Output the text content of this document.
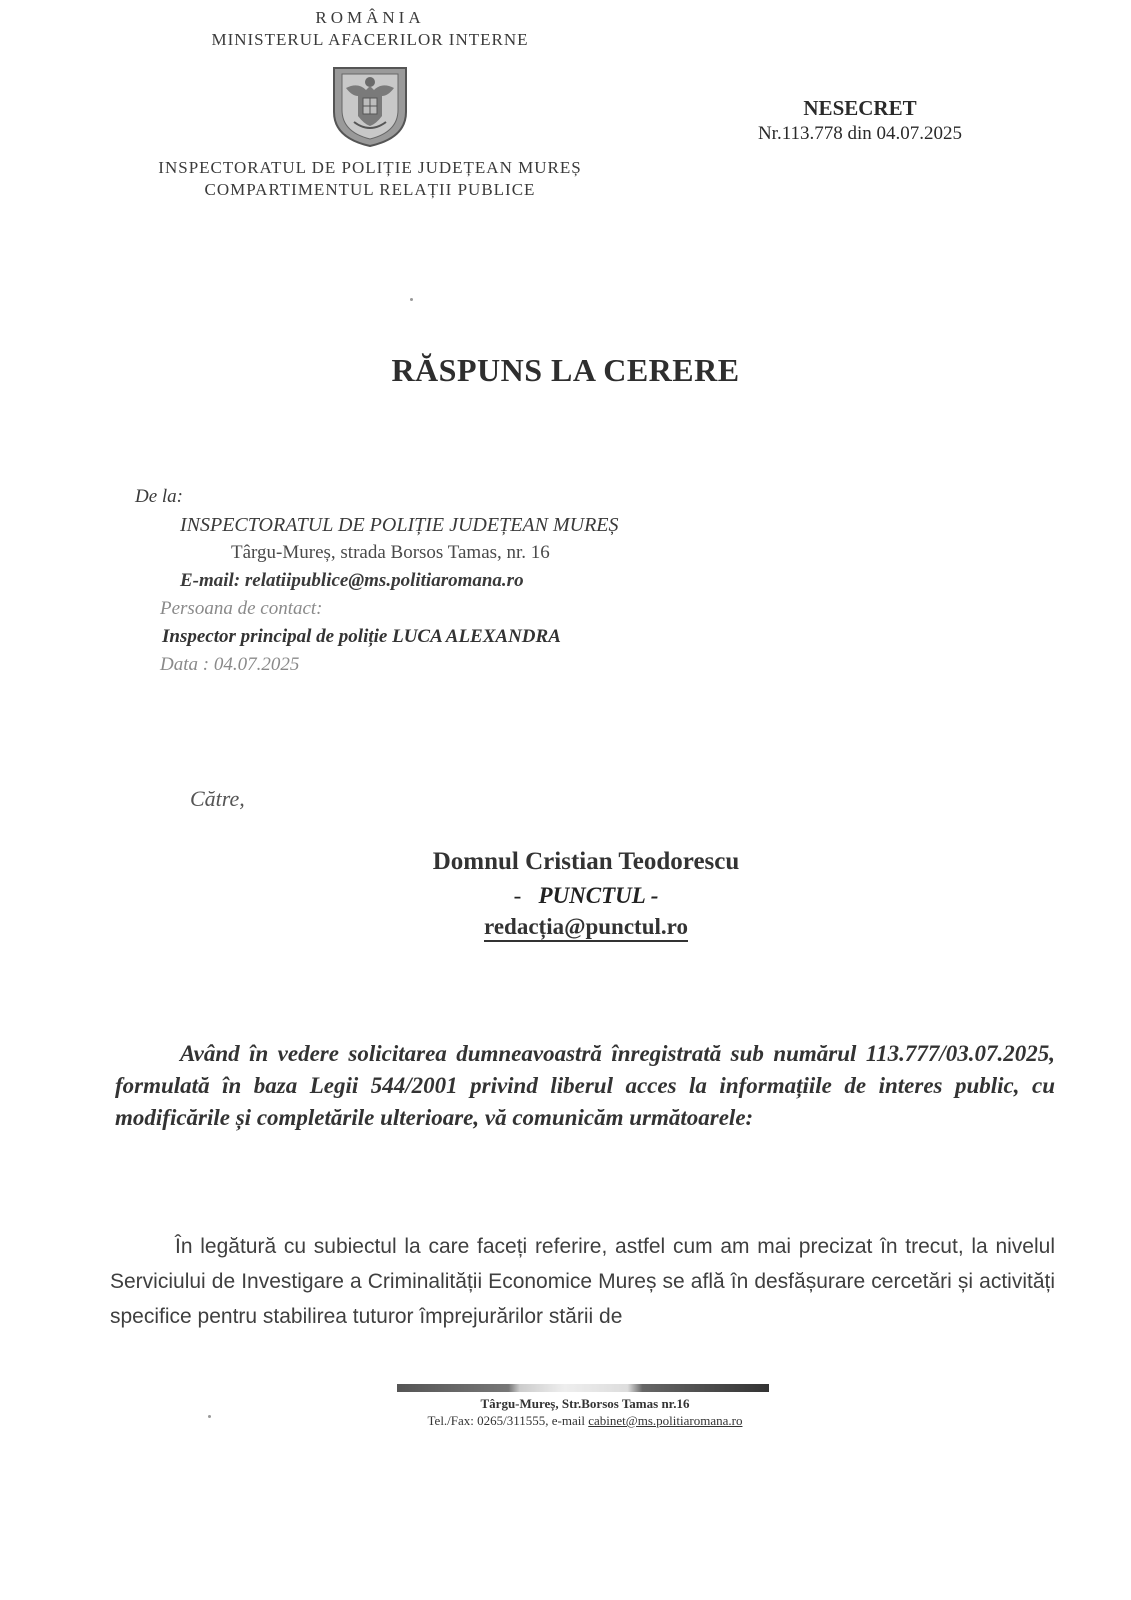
ROMÂNIA
MINISTERUL AFACERILOR INTERNE
INSPECTORATUL DE POLIȚIE JUDEȚEAN MUREȘ
COMPARTIMENTUL RELAȚII PUBLICE
NESECRET
Nr.113.778 din 04.07.2025
RĂSPUNS LA CERERE
De la:
INSPECTORATUL DE POLIȚIE JUDEȚEAN MUREȘ
Târgu-Mureș, strada Borsos Tamas, nr. 16
E-mail: relatiipublice@ms.politiaromana.ro
Persoana de contact:
Inspector principal de poliție LUCA ALEXANDRA
Data : 04.07.2025
Către,
Domnul Cristian Teodorescu
- PUNCTUL -
redacția@punctul.ro
Având în vedere solicitarea dumneavoastră înregistrată sub numărul 113.777/03.07.2025, formulată în baza Legii 544/2001 privind liberul acces la informațiile de interes public, cu modificările și completările ulterioare, vă comunicăm următoarele:
În legătură cu subiectul la care faceți referire, astfel cum am mai precizat în trecut, la nivelul Serviciului de Investigare a Criminalității Economice Mureș se află în desfășurare cercetări și activități specifice pentru stabilirea tuturor împrejurărilor stării de
Târgu-Mureș, Str.Borsos Tamas nr.16
Tel./Fax: 0265/311555, e-mail cabinet@ms.politiaromana.ro
